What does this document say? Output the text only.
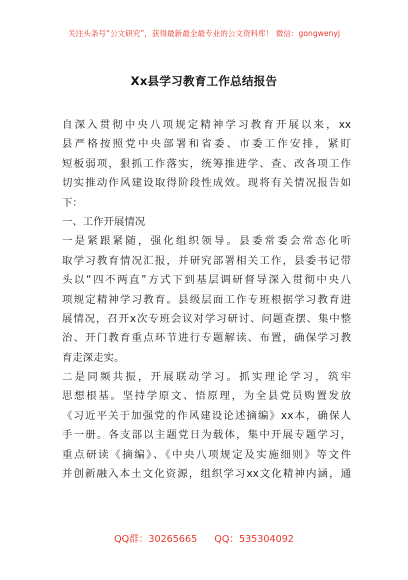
关注头条号“公文研究”，获得最新最全最专业的公文资料库！ 微信：gongwenyj
Xx县学习教育工作总结报告
自深入贯彻中央八项规定精神学习教育开展以来，xx
县严格按照党中央部署和省委、市委工作安排，紧盯
短板弱项，狠抓工作落实，统筹推进学、查、改各项工作
切实推动作风建设取得阶段性成效。现将有关情况报告如
下：
一、工作开展情况
一是紧跟紧随，强化组织领导。县委常委会常态化听
取学习教育情况汇报，并研究部署相关工作，县委书记带
头以“四不两直”方式下到基层调研督导深入贯彻中央八
项规定精神学习教育。县级层面工作专班根据学习教育进
展情况，召开x次专班会议对学习研讨、问题查摆、集中整
治、开门教育重点环节进行专题解读、布置，确保学习教
育走深走实。
二是同频共振，开展联动学习。抓实理论学习，筑牢
思想根基。坚持学原文、悟原理，为全县党员购置发放
《习近平关于加强党的作风建设论述摘编》xx本，确保人
手一册。各支部以主题党日为载体，集中开展专题学习，
重点研读《摘编》、《中央八项规定及实施细则》等文件
并创新融入本土文化资源，组织学习xx文化精神内涵，通
QQ群：30265665 QQ：535304092
